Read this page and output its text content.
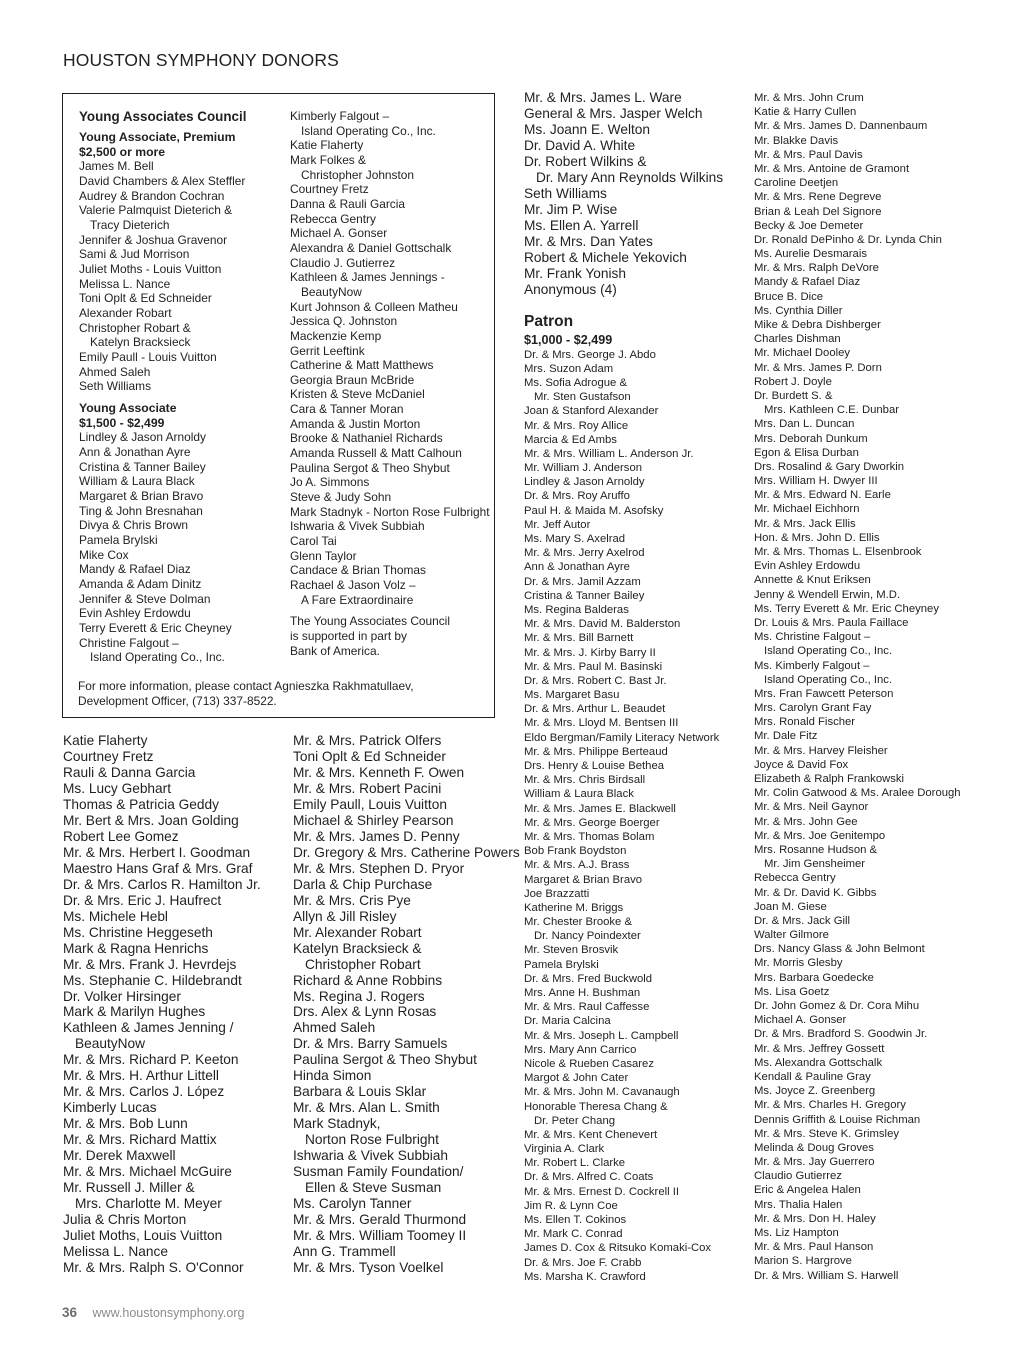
HOUSTON SYMPHONY DONORS
Young Associates Council
Young Associate, Premium
$2,500 or more
James M. Bell
David Chambers & Alex Steffler
Audrey & Brandon Cochran
Valerie Palmquist Dieterich &
Tracy Dieterich
Jennifer & Joshua Gravenor
Sami & Jud Morrison
Juliet Moths - Louis Vuitton
Melissa L. Nance
Toni Oplt & Ed Schneider
Alexander Robart
Christopher Robart &
Katelyn Bracksieck
Emily Paull - Louis Vuitton
Ahmed Saleh
Seth Williams
Young Associate
$1,500 - $2,499
Lindley & Jason Arnoldy
Ann & Jonathan Ayre
Cristina & Tanner Bailey
William & Laura Black
Margaret & Brian Bravo
Ting & John Bresnahan
Divya & Chris Brown
Pamela Brylski
Mike Cox
Mandy & Rafael Diaz
Amanda & Adam Dinitz
Jennifer & Steve Dolman
Evin Ashley Erdowdu
Terry Everett & Eric Cheyney
Christine Falgout –
Island Operating Co., Inc.
Kimberly Falgout –
Island Operating Co., Inc.
Katie Flaherty
Mark Folkes &
Christopher Johnston
Courtney Fretz
Danna & Rauli Garcia
Rebecca Gentry
Michael A. Gonser
Alexandra & Daniel Gottschalk
Claudio J. Gutierrez
Kathleen & James Jennings -
BeautyNow
Kurt Johnson & Colleen Matheu
Jessica Q. Johnston
Mackenzie Kemp
Gerrit Leeftink
Catherine & Matt Matthews
Georgia Braun McBride
Kristen & Steve McDaniel
Cara & Tanner Moran
Amanda & Justin Morton
Brooke & Nathaniel Richards
Amanda Russell & Matt Calhoun
Paulina Sergot & Theo Shybut
Jo A. Simmons
Steve & Judy Sohn
Mark Stadnyk - Norton Rose Fulbright
Ishwaria & Vivek Subbiah
Carol Tai
Glenn Taylor
Candace & Brian Thomas
Rachael & Jason Volz –
A Fare Extraordinaire
The Young Associates Council
is supported in part by
Bank of America.
For more information, please contact Agnieszka Rakhmatullaev,
Development Officer, (713) 337-8522.
Katie Flaherty
Courtney Fretz
Rauli & Danna Garcia
Ms. Lucy Gebhart
Thomas & Patricia Geddy
Mr. Bert & Mrs. Joan Golding
Robert Lee Gomez
Mr. & Mrs. Herbert I. Goodman
Maestro Hans Graf & Mrs. Graf
Dr. & Mrs. Carlos R. Hamilton Jr.
Dr. & Mrs. Eric J. Haufrect
Ms. Michele Hebl
Ms. Christine Heggeseth
Mark & Ragna Henrichs
Mr. & Mrs. Frank J. Hevrdejs
Ms. Stephanie C. Hildebrandt
Dr. Volker Hirsinger
Mark & Marilyn Hughes
Kathleen & James Jenning /
BeautyNow
Mr. & Mrs. Richard P. Keeton
Mr. & Mrs. H. Arthur Littell
Mr. & Mrs. Carlos J. López
Kimberly Lucas
Mr. & Mrs. Bob Lunn
Mr. & Mrs. Richard Mattix
Mr. Derek Maxwell
Mr. & Mrs. Michael McGuire
Mr. Russell J. Miller &
Mrs. Charlotte M. Meyer
Julia & Chris Morton
Juliet Moths, Louis Vuitton
Melissa L. Nance
Mr. & Mrs. Ralph S. O'Connor
Mr. & Mrs. Patrick Olfers
Toni Oplt & Ed Schneider
Mr. & Mrs. Kenneth F. Owen
Mr. & Mrs. Robert Pacini
Emily Paull, Louis Vuitton
Michael & Shirley Pearson
Mr. & Mrs. James D. Penny
Dr. Gregory & Mrs. Catherine Powers
Mr. & Mrs. Stephen D. Pryor
Darla & Chip Purchase
Mr. & Mrs. Cris Pye
Allyn & Jill Risley
Mr. Alexander Robart
Katelyn Bracksieck &
Christopher Robart
Richard & Anne Robbins
Ms. Regina J. Rogers
Drs. Alex & Lynn Rosas
Ahmed Saleh
Dr. & Mrs. Barry Samuels
Paulina Sergot & Theo Shybut
Hinda Simon
Barbara & Louis Sklar
Mr. & Mrs. Alan L. Smith
Mark Stadnyk,
Norton Rose Fulbright
Ishwaria & Vivek Subbiah
Susman Family Foundation/
Ellen & Steve Susman
Ms. Carolyn Tanner
Mr. & Mrs. Gerald Thurmond
Mr. & Mrs. William Toomey II
Ann G. Trammell
Mr. & Mrs. Tyson Voelkel
Mr. & Mrs. James L. Ware
General & Mrs. Jasper Welch
Ms. Joann E. Welton
Dr. David A. White
Dr. Robert Wilkins &
Dr. Mary Ann Reynolds Wilkins
Seth Williams
Mr. Jim P. Wise
Ms. Ellen A. Yarrell
Mr. & Mrs. Dan Yates
Robert & Michele Yekovich
Mr. Frank Yonish
Anonymous (4)
Patron
$1,000 - $2,499
Dr. & Mrs. George J. Abdo
Mrs. Suzon Adam
Ms. Sofia Adrogue &
Mr. Sten Gustafson
Joan & Stanford Alexander
Mr. & Mrs. Roy Allice
Marcia & Ed Ambs
Mr. & Mrs. William L. Anderson Jr.
Mr. William J. Anderson
Lindley & Jason Arnoldy
Dr. & Mrs. Roy Aruffo
Paul H. & Maida M. Asofsky
Mr. Jeff Autor
Ms. Mary S. Axelrad
Mr. & Mrs. Jerry Axelrod
Ann & Jonathan Ayre
Dr. & Mrs. Jamil Azzam
Cristina & Tanner Bailey
Ms. Regina Balderas
Mr. & Mrs. David M. Balderston
Mr. & Mrs. Bill Barnett
Mr. & Mrs. J. Kirby Barry II
Mr. & Mrs. Paul M. Basinski
Dr. & Mrs. Robert C. Bast Jr.
Ms. Margaret Basu
Dr. & Mrs. Arthur L. Beaudet
Mr. & Mrs. Lloyd M. Bentsen III
Eldo Bergman/Family Literacy Network
Mr. & Mrs. Philippe Berteaud
Drs. Henry & Louise Bethea
Mr. & Mrs. Chris Birdsall
William & Laura Black
Mr. & Mrs. James E. Blackwell
Mr. & Mrs. George Boerger
Mr. & Mrs. Thomas Bolam
Bob Frank Boydston
Mr. & Mrs. A.J. Brass
Margaret & Brian Bravo
Joe Brazzatti
Katherine M. Briggs
Mr. Chester Brooke &
Dr. Nancy Poindexter
Mr. Steven Brosvik
Pamela Brylski
Dr. & Mrs. Fred Buckwold
Mrs. Anne H. Bushman
Mr. & Mrs. Raul Caffesse
Dr. Maria Calcina
Mr. & Mrs. Joseph L. Campbell
Mrs. Mary Ann Carrico
Nicole & Rueben Casarez
Margot & John Cater
Mr. & Mrs. John M. Cavanaugh
Honorable Theresa Chang &
Dr. Peter Chang
Mr. & Mrs. Kent Chenevert
Virginia A. Clark
Mr. Robert L. Clarke
Dr. & Mrs. Alfred C. Coats
Mr. & Mrs. Ernest D. Cockrell II
Jim R. & Lynn Coe
Ms. Ellen T. Cokinos
Mr. Mark C. Conrad
James D. Cox & Ritsuko Komaki-Cox
Dr. & Mrs. Joe F. Crabb
Ms. Marsha K. Crawford
Mr. & Mrs. John Crum
Katie & Harry Cullen
Mr. & Mrs. James D. Dannenbaum
Mr. Blakke Davis
Mr. & Mrs. Paul Davis
Mr. & Mrs. Antoine de Gramont
Caroline Deetjen
Mr. & Mrs. Rene Degreve
Brian & Leah Del Signore
Becky & Joe Demeter
Dr. Ronald DePinho & Dr. Lynda Chin
Ms. Aurelie Desmarais
Mr. & Mrs. Ralph DeVore
Mandy & Rafael Diaz
Bruce B. Dice
Ms. Cynthia Diller
Mike & Debra Dishberger
Charles Dishman
Mr. Michael Dooley
Mr. & Mrs. James P. Dorn
Robert J. Doyle
Dr. Burdett S. &
Mrs. Kathleen C.E. Dunbar
Mrs. Dan L. Duncan
Mrs. Deborah Dunkum
Egon & Elisa Durban
Drs. Rosalind & Gary Dworkin
Mrs. William H. Dwyer III
Mr. & Mrs. Edward N. Earle
Mr. Michael Eichhorn
Mr. & Mrs. Jack Ellis
Hon. & Mrs. John D. Ellis
Mr. & Mrs. Thomas L. Elsenbrook
Evin Ashley Erdowdu
Annette & Knut Eriksen
Jenny & Wendell Erwin, M.D.
Ms. Terry Everett & Mr. Eric Cheyney
Dr. Louis & Mrs. Paula Faillace
Ms. Christine Falgout –
Island Operating Co., Inc.
Ms. Kimberly Falgout –
Island Operating Co., Inc.
Mrs. Fran Fawcett Peterson
Mrs. Carolyn Grant Fay
Mrs. Ronald Fischer
Mr. Dale Fitz
Mr. & Mrs. Harvey Fleisher
Joyce & David Fox
Elizabeth & Ralph Frankowski
Mr. Colin Gatwood & Ms. Aralee Dorough
Mr. & Mrs. Neil Gaynor
Mr. & Mrs. John Gee
Mr. & Mrs. Joe Genitempo
Mrs. Rosanne Hudson &
Mr. Jim Gensheimer
Rebecca Gentry
Mr. & Dr. David K. Gibbs
Joan M. Giese
Dr. & Mrs. Jack Gill
Walter Gilmore
Drs. Nancy Glass & John Belmont
Mr. Morris Glesby
Mrs. Barbara Goedecke
Ms. Lisa Goetz
Dr. John Gomez & Dr. Cora Mihu
Michael A. Gonser
Dr. & Mrs. Bradford S. Goodwin Jr.
Mr. & Mrs. Jeffrey Gossett
Ms. Alexandra Gottschalk
Kendall & Pauline Gray
Ms. Joyce Z. Greenberg
Mr. & Mrs. Charles H. Gregory
Dennis Griffith & Louise Richman
Mr. & Mrs. Steve K. Grimsley
Melinda & Doug Groves
Mr. & Mrs. Jay Guerrero
Claudio Gutierrez
Eric & Angelea Halen
Mrs. Thalia Halen
Mr. & Mrs. Don H. Haley
Ms. Liz Hampton
Mr. & Mrs. Paul Hanson
Marion S. Hargrove
Dr. & Mrs. William S. Harwell
36 www.houstonsymphony.org
